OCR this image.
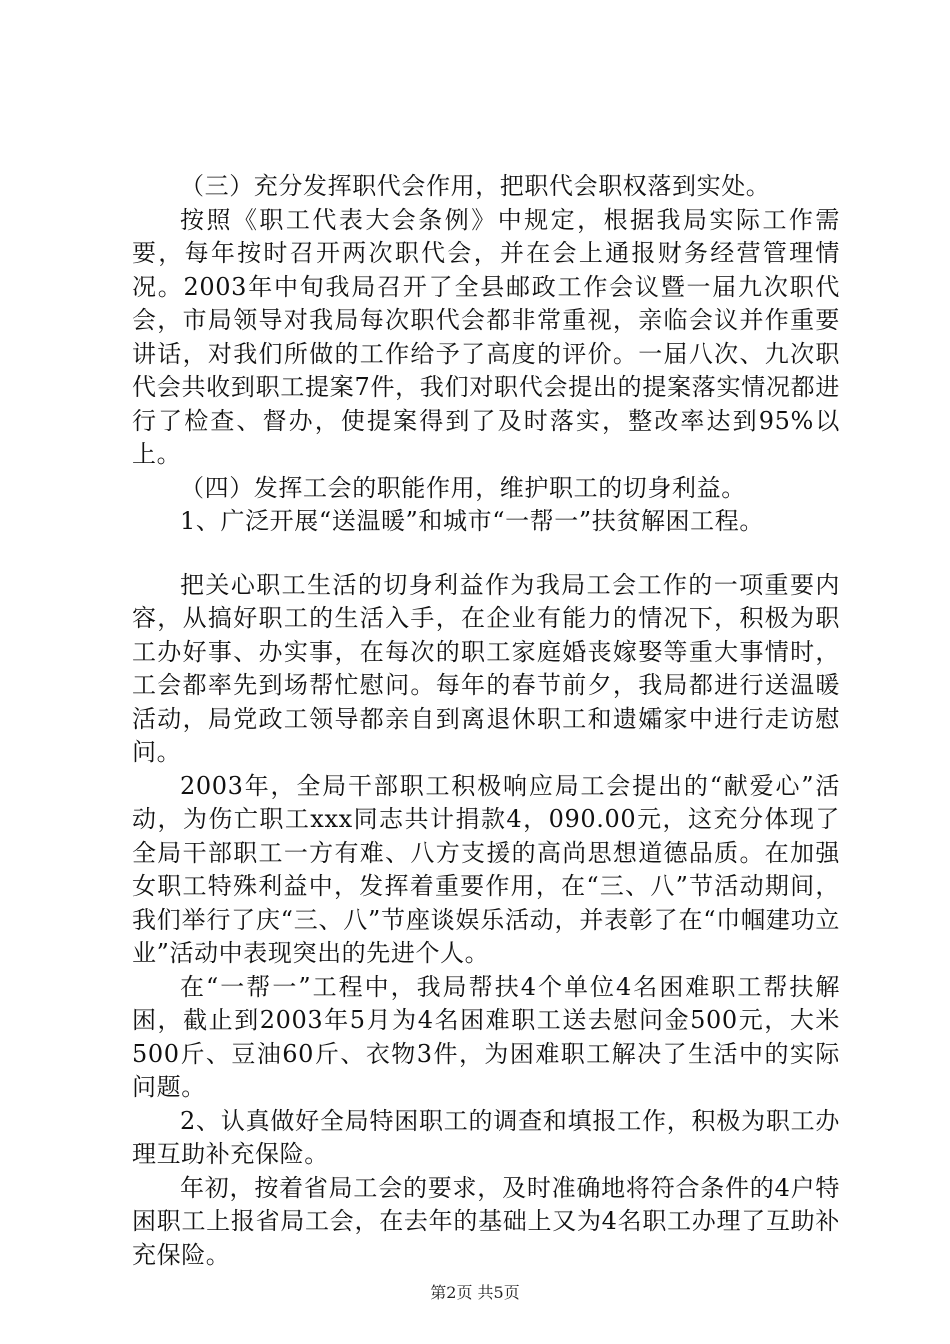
（三）充分发挥职代会作用，把职代会职权落到实处。

按照《职工代表大会条例》中规定，根据我局实际工作需要，每年按时召开两次职代会，并在会上通报财务经营管理情况。2003年中旬我局召开了全县邮政工作会议暨一届九次职代会，市局领导对我局每次职代会都非常重视，亲临会议并作重要讲话，对我们所做的工作给予了高度的评价。一届八次、九次职代会共收到职工提案7件，我们对职代会提出的提案落实情况都进行了检查、督办，使提案得到了及时落实，整改率达到95%以上。

（四）发挥工会的职能作用，维护职工的切身利益。

1、广泛开展“送温暖”和城市“一帮一”扶贫解困工程。

把关心职工生活的切身利益作为我局工会工作的一项重要内容，从搞好职工的生活入手，在企业有能力的情况下，积极为职工办好事、办实事，在每次的职工家庭婚丧嫁娶等重大事情时，工会都率先到场帮忙慰问。每年的春节前夕，我局都进行送温暖活动，局党政工领导都亲自到离退休职工和遗孀家中进行走访慰问。

2003年，全局干部职工积极响应局工会提出的“献爱心”活动，为伤亡职工xxx同志共计捐款4，090.00元，这充分体现了全局干部职工一方有难、八方支援的高尚思想道德品质。在加强女职工特殊利益中，发挥着重要作用，在“三、八”节活动期间，我们举行了庆“三、八”节座谈娱乐活动，并表彰了在“巾帼建功立业”活动中表现突出的先进个人。

在“一帮一”工程中，我局帮扶4个单位4名困难职工帮扶解困，截止到2003年5月为4名困难职工送去慰问金500元，大米500斤、豆油60斤、衣物3件，为困难职工解决了生活中的实际问题。

2、认真做好全局特困职工的调查和填报工作，积极为职工办理互助补充保险。

年初，按着省局工会的要求，及时准确地将符合条件的4户特困职工上报省局工会，在去年的基础上又为4名职工办理了互助补充保险。

第2页 共5页
